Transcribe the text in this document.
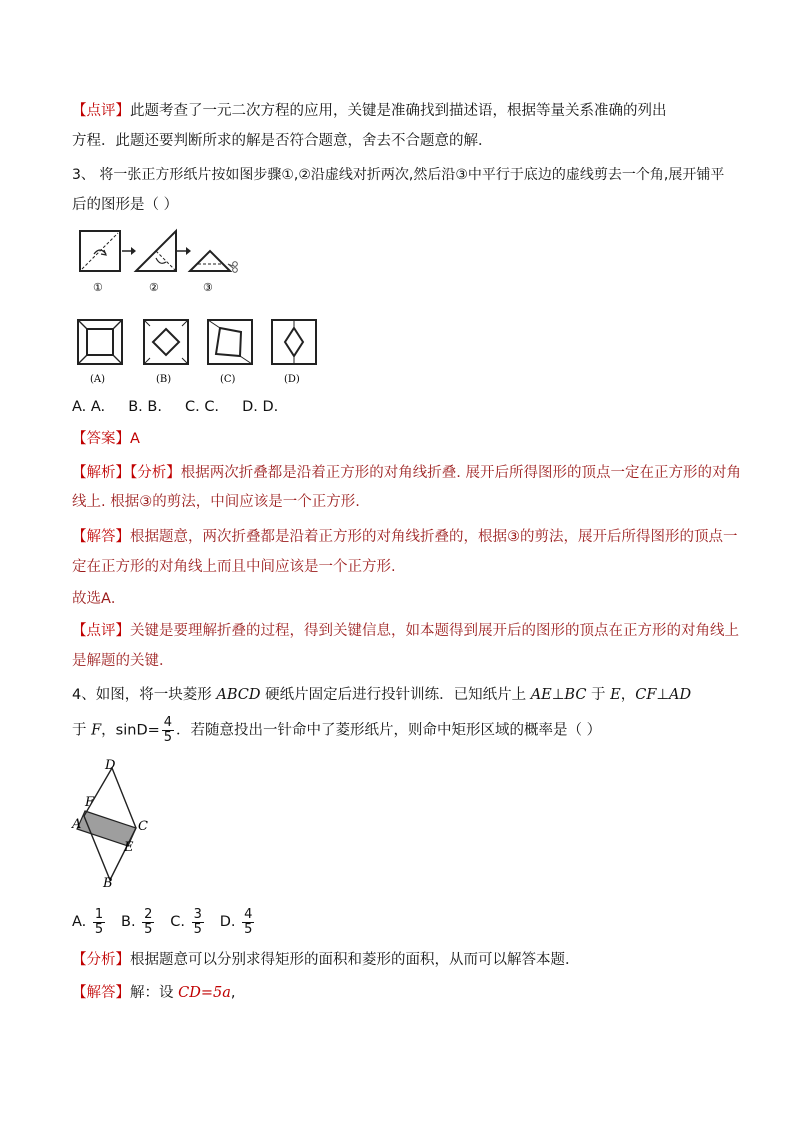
【点评】此题考查了一元二次方程的应用，关键是准确找到描述语，根据等量关系准确的列出
方程．此题还要判断所求的解是否符合题意，舍去不合题意的解．
3、 将一张正方形纸片按如图步骤①,②沿虚线对折两次,然后沿③中平行于底边的虚线剪去一个角,展开铺平
后的图形是（ ）
①	②	③
(A)	(B)	(C)	(D)
A. A.     B. B.     C. C.     D. D.
【答案】A
【解析】【分析】根据两次折叠都是沿着正方形的对角线折叠. 展开后所得图形的顶点一定在正方形的对角
线上. 根据③的剪法，中间应该是一个正方形.
【解答】根据题意，两次折叠都是沿着正方形的对角线折叠的，根据③的剪法，展开后所得图形的顶点一
定在正方形的对角线上而且中间应该是一个正方形.
故选A．
【点评】关键是要理解折叠的过程，得到关键信息，如本题得到展开后的图形的顶点在正方形的对角线上
是解题的关键．
4、如图，将一块菱形 ABCD 硬纸片固定后进行投针训练．已知纸片上 AE⊥BC 于 E，CF⊥AD
于 F，$\sin D= \frac{4}{5}$ ．若随意投出一针命中了菱形纸片，则命中矩形区域的概率是（ ）
D
F
A	C
E
B
A. $\frac{1}{5} B$. $\frac{2}{5} C$. $\frac{3}{5} D$. $\frac{4}{5}$
【分析】根据题意可以分别求得矩形的面积和菱形的面积，从而可以解答本题．
【解答】解：设 CD=5a,
